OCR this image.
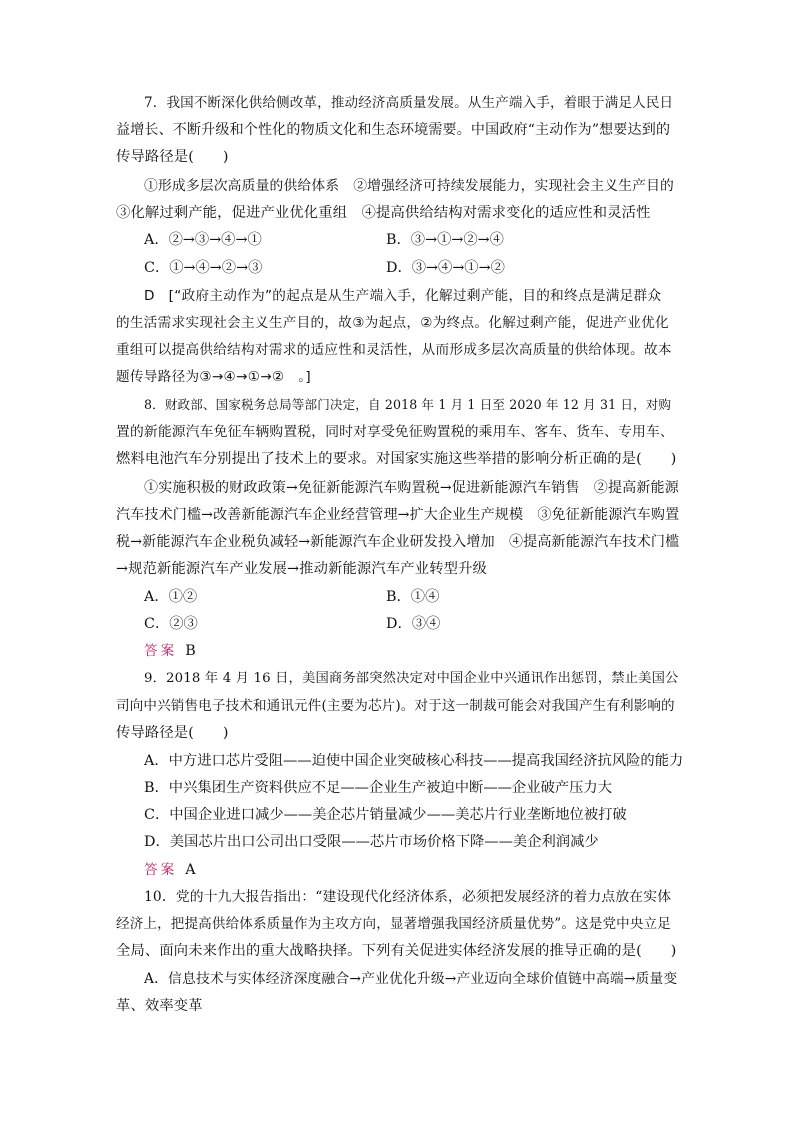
7．我国不断深化供给侧改革，推动经济高质量发展。从生产端入手，着眼于满足人民日
益增长、不断升级和个性化的物质文化和生态环境需要。中国政府“主动作为”想要达到的
传导路径是(　　)
①形成多层次高质量的供给体系　②增强经济可持续发展能力，实现社会主义生产目的
③化解过剩产能，促进产业优化重组　④提高供给结构对需求变化的适应性和灵活性
A．②→③→④→①	B．③→①→②→④
C．①→④→②→③	D．③→④→①→②
D　[“政府主动作为”的起点是从生产端入手，化解过剩产能，目的和终点是满足群众
的生活需求实现社会主义生产目的，故③为起点，②为终点。化解过剩产能，促进产业优化
重组可以提高供给结构对需求的适应性和灵活性，从而形成多层次高质量的供给体现。故本
题传导路径为③→④→①→②　。]
8．财政部、国家税务总局等部门决定，自 2018 年 1 月 1 日至 2020 年 12 月 31 日，对购
置的新能源汽车免征车辆购置税，同时对享受免征购置税的乘用车、客车、货车、专用车、
燃料电池汽车分别提出了技术上的要求。对国家实施这些举措的影响分析正确的是(　　)
①实施积极的财政政策→免征新能源汽车购置税→促进新能源汽车销售　②提高新能源
汽车技术门槛→改善新能源汽车企业经营管理→扩大企业生产规模　③免征新能源汽车购置
税→新能源汽车企业税负减轻→新能源汽车企业研发投入增加　④提高新能源汽车技术门槛
→规范新能源汽车产业发展→推动新能源汽车产业转型升级
A．①②	B．①④
C．②③	D．③④
答案 B
9．2018 年 4 月 16 日，美国商务部突然决定对中国企业中兴通讯作出惩罚，禁止美国公
司向中兴销售电子技术和通讯元件(主要为芯片)。对于这一制裁可能会对我国产生有利影响的
传导路径是(　　)
A．中方进口芯片受阻——迫使中国企业突破核心科技——提高我国经济抗风险的能力
B．中兴集团生产资料供应不足——企业生产被迫中断——企业破产压力大
C．中国企业进口减少——美企芯片销量减少——美芯片行业垄断地位被打破
D．美国芯片出口公司出口受限——芯片市场价格下降——美企利润减少
答案 A
10．党的十九大报告指出：“建设现代化经济体系，必须把发展经济的着力点放在实体
经济上，把提高供给体系质量作为主攻方向，显著增强我国经济质量优势”。这是党中央立足
全局、面向未来作出的重大战略抉择。下列有关促进实体经济发展的推导正确的是(　　)
A．信息技术与实体经济深度融合→产业优化升级→产业迈向全球价值链中高端→质量变
革、效率变革
